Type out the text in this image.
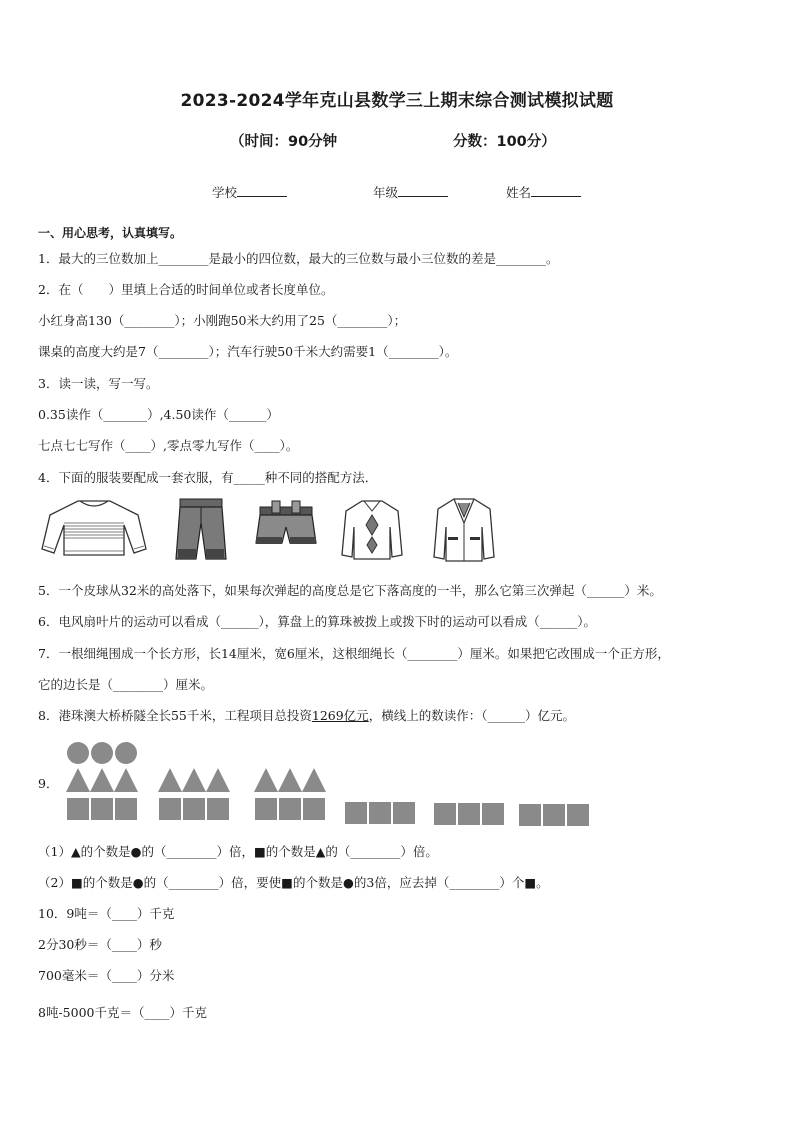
2023-2024学年克山县数学三上期末综合测试模拟试题
（时间：90分钟	分数：100分）
学校	年级	姓名
一、用心思考，认真填写。
1．最大的三位数加上________是最小的四位数，最大的三位数与最小三位数的差是________。
2．在（　　）里填上合适的时间单位或者长度单位。
小红身高130（________）；小刚跑50米大约用了25（________）；
课桌的高度大约是7（________）；汽车行驶50千米大约需要1（________）。
3．读一读，写一写。
0.35读作（_______）,4.50读作（______）
七点七七写作（____）,零点零九写作（____）。
4．下面的服装要配成一套衣服，有_____种不同的搭配方法．
5．一个皮球从32米的高处落下，如果每次弹起的高度总是它下落高度的一半，那么它第三次弹起（______）米。
6．电风扇叶片的运动可以看成（______），算盘上的算珠被拨上或拨下时的运动可以看成（______）。
7．一根细绳围成一个长方形，长14厘米，宽6厘米，这根细绳长（________）厘米。如果把它改围成一个正方形，
它的边长是（________）厘米。
8．港珠澳大桥桥隧全长55千米，工程项目总投资1269亿元，横线上的数读作：（______）亿元。
9．
（1）▲的个数是●的（________）倍，■的个数是▲的（________）倍。
（2）■的个数是●的（________）倍，要使■的个数是●的3倍，应去掉（________）个■。
10．9吨＝（____）千克
2分30秒＝（____）秒
700毫米＝（____）分米
8吨-5000千克＝（____）千克
